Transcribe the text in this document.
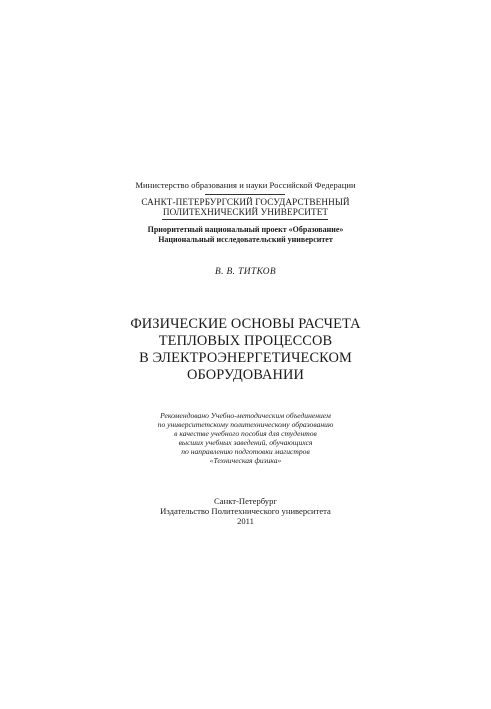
Министерство образования и науки Российской Федерации
САНКТ-ПЕТЕРБУРГСКИЙ ГОСУДАРСТВЕННЫЙ
ПОЛИТЕХНИЧЕСКИЙ УНИВЕРСИТЕТ
Приоритетный национальный проект «Образование»
Национальный исследовательский университет
В. В. ТИТКОВ
ФИЗИЧЕСКИЕ ОСНОВЫ РАСЧЕТА
ТЕПЛОВЫХ ПРОЦЕССОВ
В ЭЛЕКТРОЭНЕРГЕТИЧЕСКОМ
ОБОРУДОВАНИИ
Рекомендовано Учебно-методическим объединением
по университетскому политехническому образованию
в качестве учебного пособия для студентов
высших учебных заведений, обучающихся
по направлению подготовки магистров
«Техническая физика»
Санкт-Петербург
Издательство Политехнического университета
2011
